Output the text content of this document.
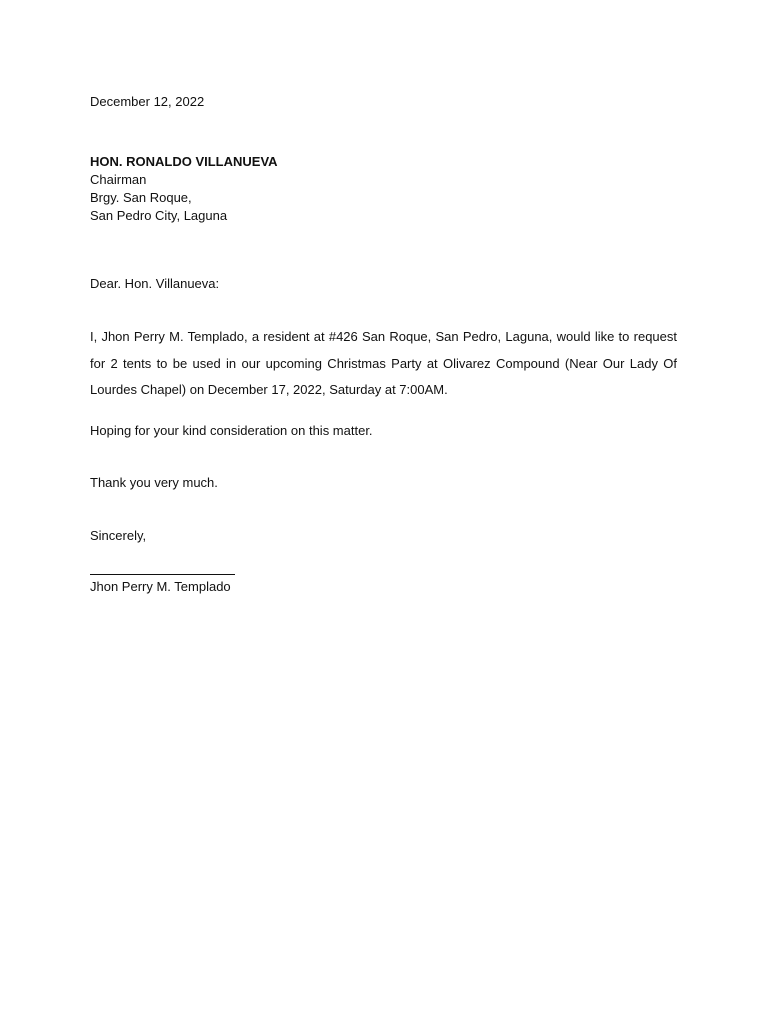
December 12, 2022
HON. RONALDO VILLANUEVA
Chairman
Brgy. San Roque,
San Pedro City, Laguna
Dear. Hon. Villanueva:
I, Jhon Perry M. Templado, a resident at #426 San Roque, San Pedro, Laguna, would like to request for 2 tents to be used in our upcoming Christmas Party at Olivarez Compound (Near Our Lady Of Lourdes Chapel) on December 17, 2022, Saturday at 7:00AM.
Hoping for your kind consideration on this matter.
Thank you very much.
Sincerely,
Jhon Perry M. Templado
